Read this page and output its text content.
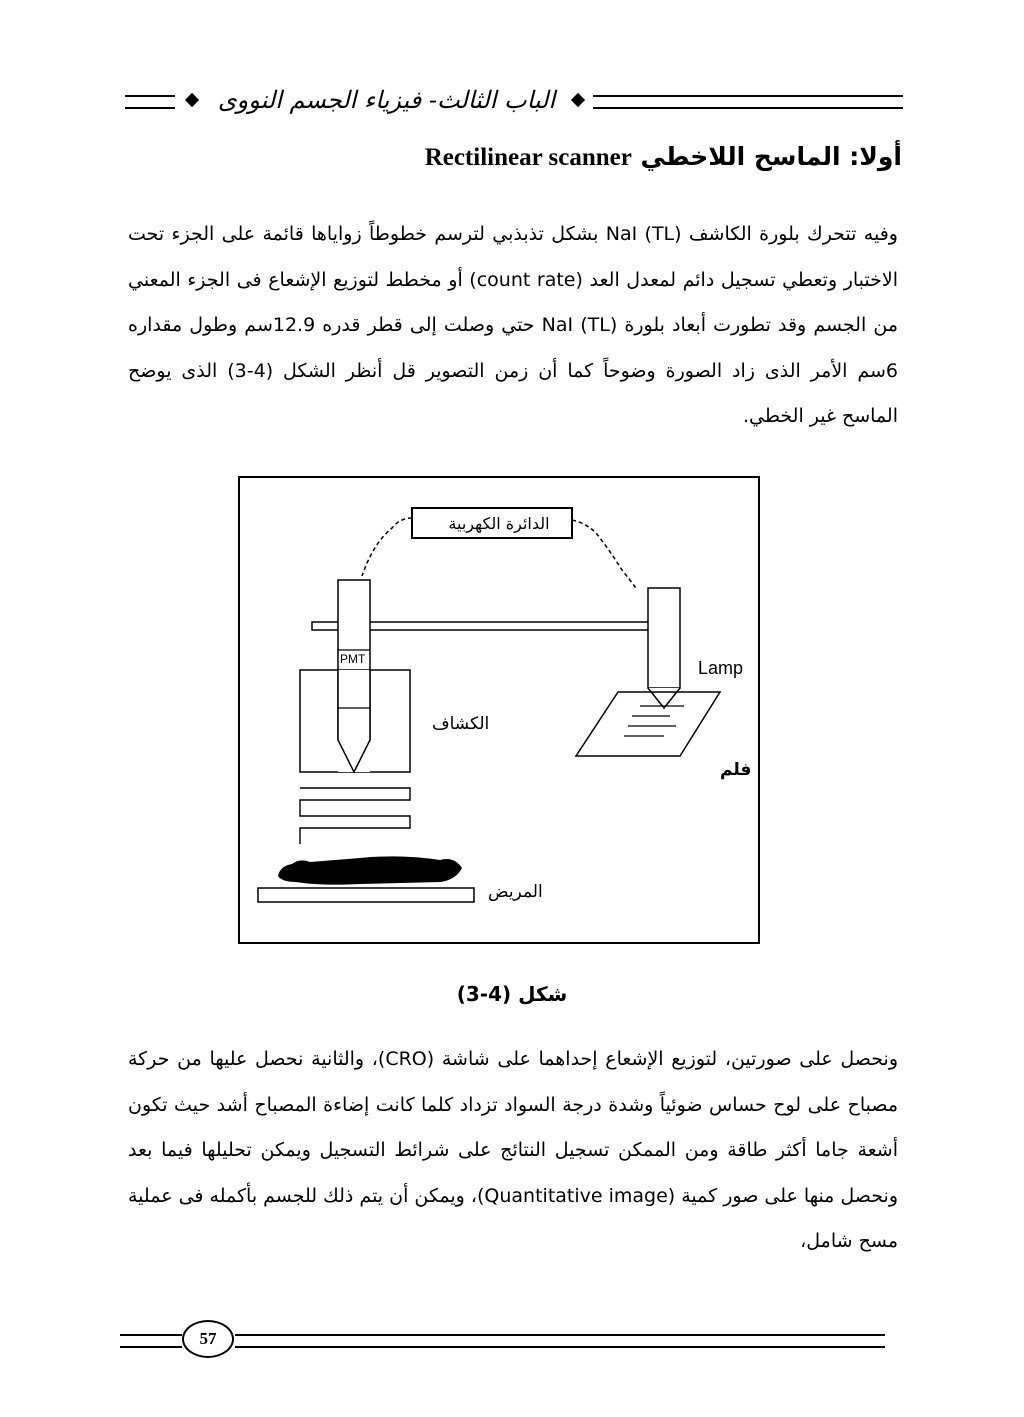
الباب الثالث- فيزياء الجسم النووى
أولا: الماسح اللاخطي Rectilinear scanner
وفيه تتحرك بلورة الكاشف (NaI (TL بشكل تذبذبي لترسم خطوطاً زواياها قائمة على الجزء تحت الاختبار وتعطي تسجيل دائم لمعدل العد (count rate) أو مخطط لتوزيع الإشعاع فى الجزء المعني من الجسم وقد تطورت أبعاد بلورة (NaI (TL حتي وصلت إلى قطر قدره 12.9سم وطول مقداره 6سم الأمر الذى زاد الصورة وضوحاً كما أن زمن التصوير قل أنظر الشكل (4-3) الذى يوضح الماسح غير الخطي.
الدائرة الكهربية
Lamp
PMT
الكشاف
فلم
المريض
شكل (4-3)
ونحصل على صورتين، لتوزيع الإشعاع إحداهما على شاشة (CRO)، والثانية نحصل عليها من حركة مصباح على لوح حساس ضوئياً وشدة درجة السواد تزداد كلما كانت إضاءة المصباح أشد حيث تكون أشعة جاما أكثر طاقة ومن الممكن تسجيل النتائج على شرائط التسجيل ويمكن تحليلها فيما بعد ونحصل منها على صور كمية (Quantitative image)، ويمكن أن يتم ذلك للجسم بأكمله فى عملية مسح شامل،
57
